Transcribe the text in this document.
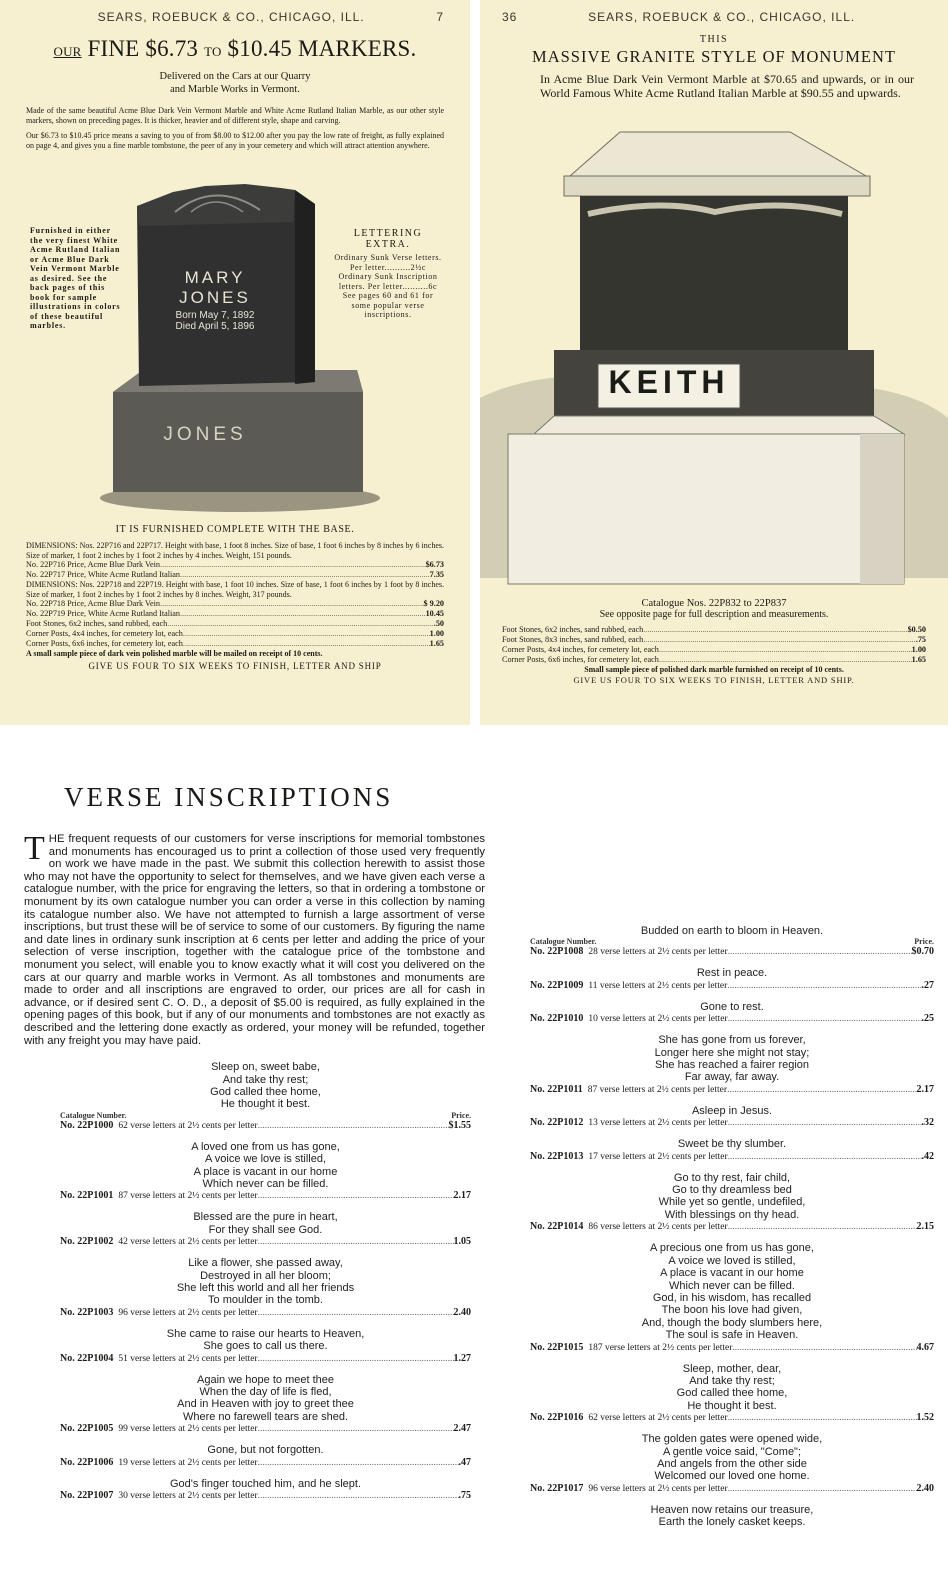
SEARS, ROEBUCK & CO., CHICAGO, ILL.	7
OUR FINE $6.73 TO $10.45 MARKERS.
Delivered on the Cars at our Quarry
and Marble Works in Vermont.
Made of the same beautiful Acme Blue Dark Vein Vermont Marble and White Acme Rutland Italian Marble, as our other style markers, shown on preceding pages. It is thicker, heavier and of different style, shape and carving.
Our $6.73 to $10.45 price means a saving to you of from $8.00 to $12.00 after you pay the low rate of freight, as fully explained on page 4, and gives you a fine marble tombstone, the peer of any in your cemetery and which will attract attention anywhere.
Furnished in either the very finest White Acme Rutland Italian or Acme Blue Dark Vein Vermont Marble as desired. See the back pages of this book for sample illustrations in colors of these beautiful marbles.
LETTERING EXTRA.
Ordinary Sunk Verse letters. Per letter..........2½c Ordinary Sunk Inscription letters. Per letter..........6c See pages 60 and 61 for some popular verse inscriptions.
MARY
JONES
Born May 7, 1892
Died April 5, 1896
JONES
IT IS FURNISHED COMPLETE WITH THE BASE.
DIMENSIONS: Nos. 22P716 and 22P717. Height with base, 1 foot 8 inches. Size of base, 1 foot 6 inches by 8 inches by 6 inches. Size of marker, 1 foot 2 inches by 1 foot 2 inches by 4 inches. Weight, 151 pounds.
No. 22P716 Price, Acme Blue Dark Vein .....	$6.73
No. 22P717 Price, White Acme Rutland Italian .....	7.35
DIMENSIONS: Nos. 22P718 and 22P719. Height with base, 1 foot 10 inches. Size of base, 1 foot 6 inches by 1 foot by 8 inches. Size of marker, 1 foot 2 inches by 1 foot 2 inches by 8 inches. Weight, 317 pounds.
No. 22P718 Price, Acme Blue Dark Vein .....	$ 9.20
No. 22P719 Price, White Acme Rutland Italian .....	10.45
Foot Stones, 6x2 inches, sand rubbed, each .....	.50
Corner Posts, 4x4 inches, for cemetery lot, each .....	1.00
Corner Posts, 6x6 inches, for cemetery lot, each .....	1.65
A small sample piece of dark vein polished marble will be mailed on receipt of 10 cents.
GIVE US FOUR TO SIX WEEKS TO FINISH, LETTER AND SHIP
36	SEARS, ROEBUCK & CO., CHICAGO, ILL.
THIS
MASSIVE GRANITE STYLE OF MONUMENT
In Acme Blue Dark Vein Vermont Marble at $70.65 and upwards, or in our World Famous White Acme Rutland Italian Marble at $90.55 and upwards.
KEITH
Catalogue Nos. 22P832 to 22P837
See opposite page for full description and measurements.
Foot Stones, 6x2 inches, sand rubbed, each .....	$0.50
Foot Stones, 8x3 inches, sand rubbed, each .....	.75
Corner Posts, 4x4 inches, for cemetery lot, each .....	1.00
Corner Posts, 6x6 inches, for cemetery lot, each .....	1.65
Small sample piece of polished dark marble furnished on receipt of 10 cents.
GIVE US FOUR TO SIX WEEKS TO FINISH, LETTER AND SHIP.
VERSE INSCRIPTIONS
T HE frequent requests of our customers for verse inscriptions for memorial tombstones and monuments has encouraged us to print a collection of those used very frequently on work we have made in the past. We submit this collection herewith to assist those who may not have the opportunity to select for themselves, and we have given each verse a catalogue number, with the price for engraving the letters, so that in ordering a tombstone or monument by its own catalogue number you can order a verse in this collection by naming its catalogue number also. We have not attempted to furnish a large assortment of verse inscriptions, but trust these will be of service to some of our customers. By figuring the name and date lines in ordinary sunk inscription at 6 cents per letter and adding the price of your selection of verse inscription, together with the catalogue price of the tombstone and monument you select, will enable you to know exactly what it will cost you delivered on the cars at our quarry and marble works in Vermont. As all tombstones and monuments are made to order and all inscriptions are engraved to order, our prices are all for cash in advance, or if desired sent C. O. D., a deposit of $5.00 is required, as fully explained in the opening pages of this book, but if any of our monuments and tombstones are not exactly as described and the lettering done exactly as ordered, your money will be refunded, together with any freight you may have paid.
Sleep on, sweet babe,
And take thy rest;
God called thee home,
He thought it best.
Catalogue Number.	Price.
No. 22P1000 62 verse letters at 2½ cents per letter .....	$1.55
A loved one from us has gone,
A voice we love is stilled,
A place is vacant in our home
Which never can be filled.
No. 22P1001 87 verse letters at 2½ cents per letter .....	2.17
Blessed are the pure in heart,
For they shall see God.
No. 22P1002 42 verse letters at 2½ cents per letter .....	1.05
Like a flower, she passed away,
Destroyed in all her bloom;
She left this world and all her friends
To moulder in the tomb.
No. 22P1003 96 verse letters at 2½ cents per letter .....	2.40
She came to raise our hearts to Heaven,
She goes to call us there.
No. 22P1004 51 verse letters at 2½ cents per letter .....	1.27
Again we hope to meet thee
When the day of life is fled,
And in Heaven with joy to greet thee
Where no farewell tears are shed.
No. 22P1005 99 verse letters at 2½ cents per letter .....	2.47
Gone, but not forgotten.
No. 22P1006 19 verse letters at 2½ cents per letter .....	.47
God's finger touched him, and he slept.
No. 22P1007 30 verse letters at 2½ cents per letter .....	.75
Budded on earth to bloom in Heaven.
Catalogue Number.	Price.
No. 22P1008 28 verse letters at 2½ cents per letter .....	$0.70
Rest in peace.
No. 22P1009 11 verse letters at 2½ cents per letter .....	.27
Gone to rest.
No. 22P1010 10 verse letters at 2½ cents per letter .....	.25
She has gone from us forever,
Longer here she might not stay;
She has reached a fairer region
Far away, far away.
No. 22P1011 87 verse letters at 2½ cents per letter .....	2.17
Asleep in Jesus.
No. 22P1012 13 verse letters at 2½ cents per letter .....	.32
Sweet be thy slumber.
No. 22P1013 17 verse letters at 2½ cents per letter .....	.42
Go to thy rest, fair child,
Go to thy dreamless bed
While yet so gentle, undefiled,
With blessings on thy head.
No. 22P1014 86 verse letters at 2½ cents per letter .....	2.15
A precious one from us has gone,
A voice we loved is stilled,
A place is vacant in our home
Which never can be filled.
God, in his wisdom, has recalled
The boon his love had given,
And, though the body slumbers here,
The soul is safe in Heaven.
No. 22P1015 187 verse letters at 2½ cents per letter .....	4.67
Sleep, mother, dear,
And take thy rest;
God called thee home,
He thought it best.
No. 22P1016 62 verse letters at 2½ cents per letter .....	1.52
The golden gates were opened wide,
A gentle voice said, "Come";
And angels from the other side
Welcomed our loved one home.
No. 22P1017 96 verse letters at 2½ cents per letter .....	2.40
Heaven now retains our treasure,
Earth the lonely casket keeps.
